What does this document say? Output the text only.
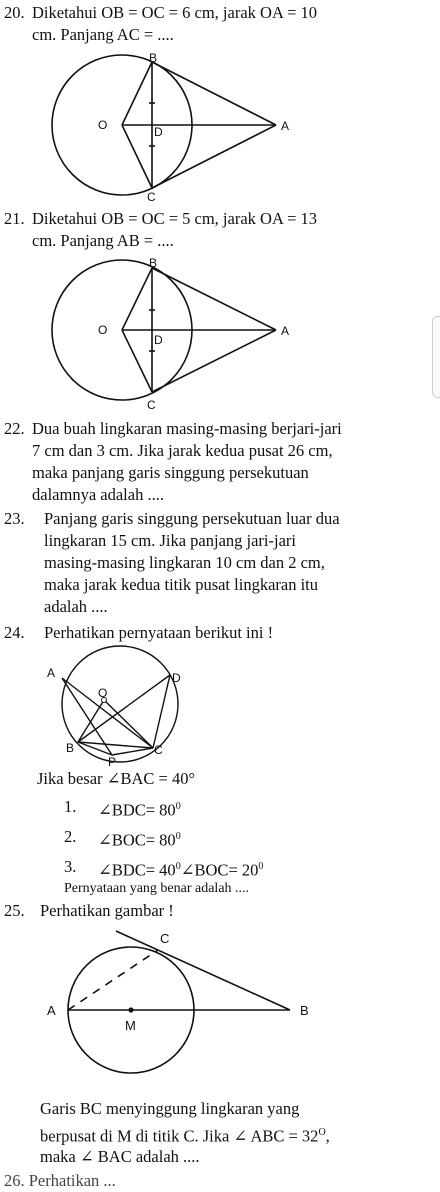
20. Diketahui OB = OC = 6 cm, jarak OA = 10
cm. Panjang AC = ....
B
O	D	A
C
B
O
D
A
C
A	D
O
B
P
C
C
A
M
B
21. Diketahui OB = OC = 5 cm, jarak OA = 13
cm. Panjang AB = ....
22. Dua buah lingkaran masing-masing berjari-jari
7 cm dan 3 cm. Jika jarak kedua pusat 26 cm,
maka panjang garis singgung persekutuan
dalamnya adalah ....
23. Panjang garis singgung persekutuan luar dua
lingkaran 15 cm. Jika panjang jari-jari
masing-masing lingkaran 10 cm dan 2 cm,
maka jarak kedua titik pusat lingkaran itu
adalah ....
24. Perhatikan pernyataan berikut ini !
Jika besar ∠BAC = 40°
1. ∠BDC= $80^0$
2. ∠BOC= $80^0$
3. ∠BDC= $40^0\angle BOC= 20^0$
Pernyataan yang benar adalah ....
25. Perhatikan gambar !
Garis BC menyinggung lingkaran yang
berpusat di M di titik C. Jika ∠ ABC = $32^O$,
maka ∠ BAC adalah ....
26. Perhatikan ...
